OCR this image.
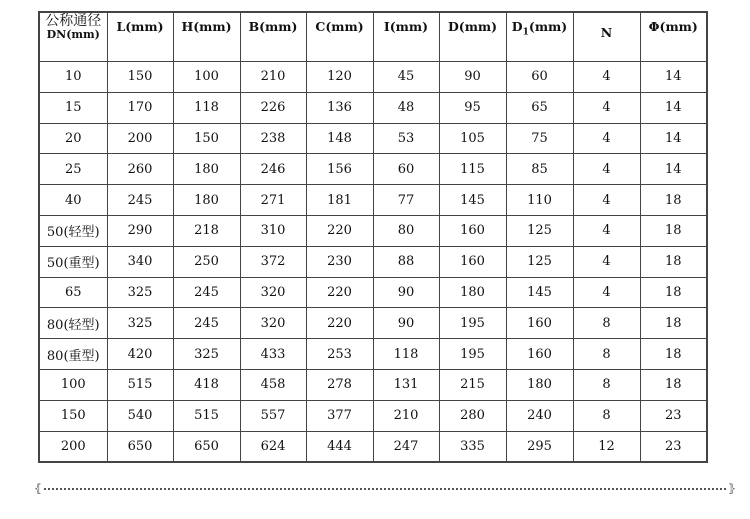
公称通径
DN(mm)	L(mm)	H(mm)	B(mm)	C(mm)	I(mm)	D(mm)	$D_1(mm)$	N	Φ(mm)
10	150	100	210	120	45	90	60	4	14
15	170	118	226	136	48	95	65	4	14
20	200	150	238	148	53	105	75	4	14
25	260	180	246	156	60	115	85	4	14
40	245	180	271	181	77	145	110	4	18
50(轻型)	290	218	310	220	80	160	125	4	18
50(重型)	340	250	372	230	88	160	125	4	18
65	325	245	320	220	90	180	145	4	18
80(轻型)	325	245	320	220	90	195	160	8	18
80(重型)	420	325	433	253	118	195	160	8	18
100	515	418	458	278	131	215	180	8	18
150	540	515	557	377	210	280	240	8	23
200	650	650	624	444	247	335	295	12	23
⦃	⦄
